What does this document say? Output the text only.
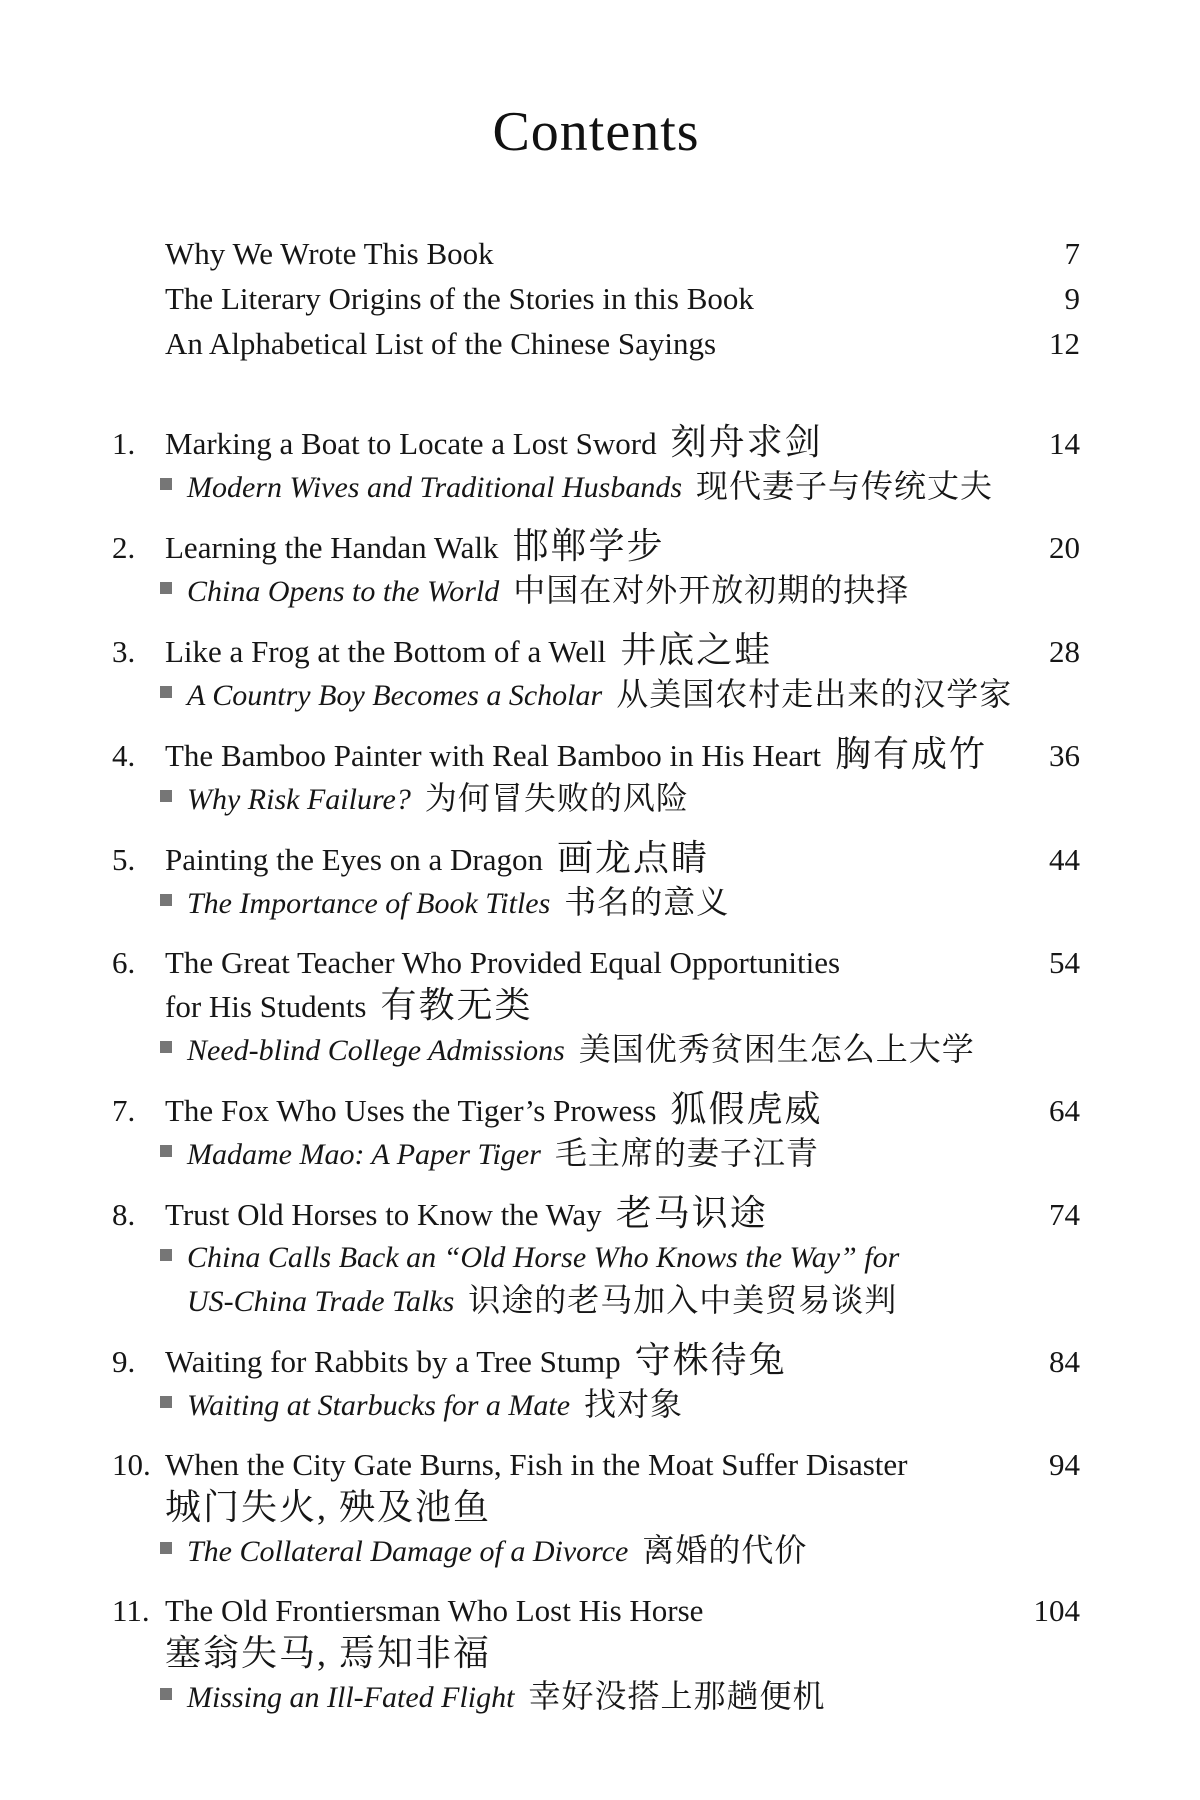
Contents
Why We Wrote This Book	7
The Literary Origins of the Stories in this Book	9
An Alphabetical List of the Chinese Sayings	12
1. Marking a Boat to Locate a Lost Sword 刻舟求剑	14
Modern Wives and Traditional Husbands 现代妻子与传统丈夫
2. Learning the Handan Walk 邯郸学步	20
China Opens to the World 中国在对外开放初期的抉择
3. Like a Frog at the Bottom of a Well 井底之蛙	28
A Country Boy Becomes a Scholar 从美国农村走出来的汉学家
4. The Bamboo Painter with Real Bamboo in His Heart 胸有成竹	36
Why Risk Failure? 为何冒失败的风险
5. Painting the Eyes on a Dragon 画龙点睛	44
The Importance of Book Titles 书名的意义
6. The Great Teacher Who Provided Equal Opportunities	54
for His Students 有教无类
Need-blind College Admissions 美国优秀贫困生怎么上大学
7. The Fox Who Uses the Tiger’s Prowess 狐假虎威	64
Madame Mao: A Paper Tiger 毛主席的妻子江青
8. Trust Old Horses to Know the Way 老马识途	74
China Calls Back an “Old Horse Who Knows the Way” for
US-China Trade Talks 识途的老马加入中美贸易谈判
9. Waiting for Rabbits by a Tree Stump 守株待兔	84
Waiting at Starbucks for a Mate 找对象
10. When the City Gate Burns, Fish in the Moat Suffer Disaster	94
城门失火, 殃及池鱼
The Collateral Damage of a Divorce 离婚的代价
11. The Old Frontiersman Who Lost His Horse	104
塞翁失马, 焉知非福
Missing an Ill-Fated Flight 幸好没搭上那趟便机
